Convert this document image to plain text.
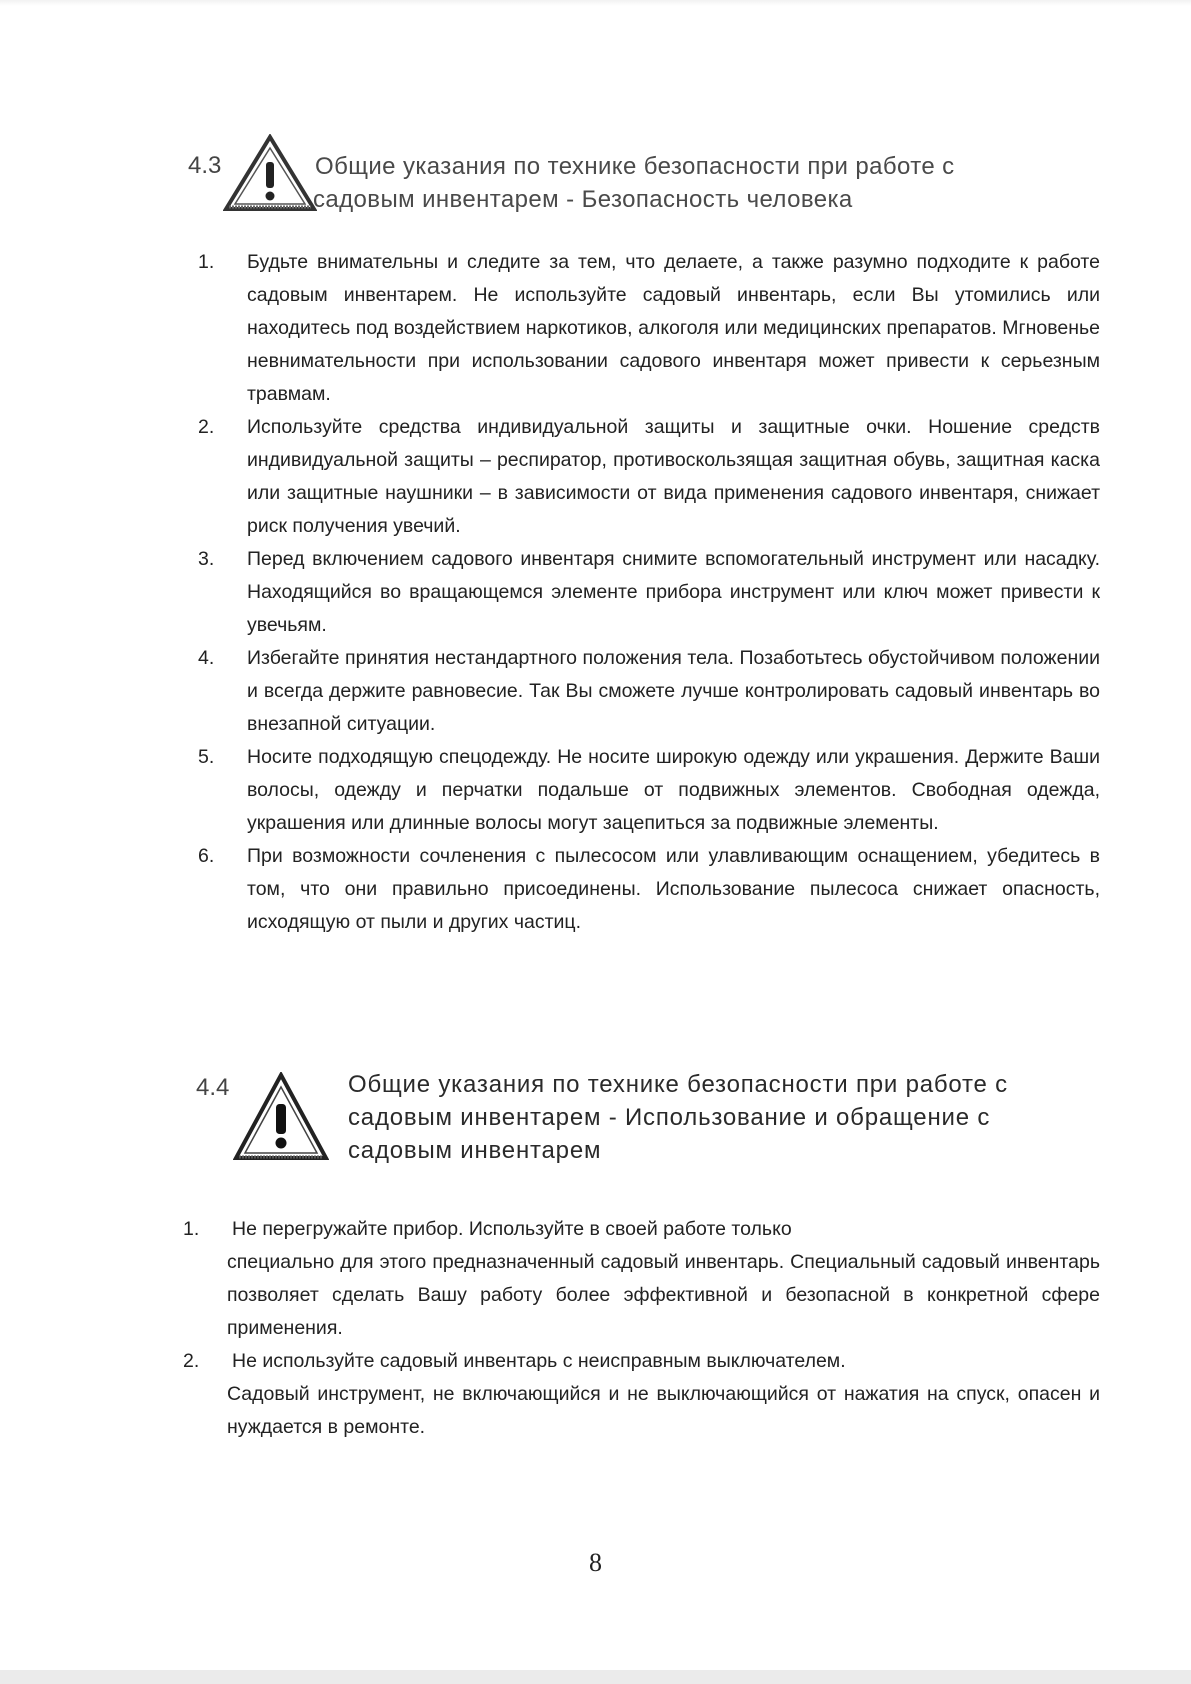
4.3	Общие указания по технике безопасности при работе с
садовым инвентарем - Безопасность человека
1. Будьте внимательны и следите за тем, что делаете, а также разумно подходите к работе садовым инвентарем. Не используйте садовый инвентарь, если Вы утомились или находитесь под воздействием наркотиков, алкоголя или медицинских препаратов. Мгновенье невнимательности при использовании садового инвентаря может привести к серьезным травмам.
2. Используйте средства индивидуальной защиты и защитные очки. Ношение средств индивидуальной защиты – респиратор, противоскользящая защитная обувь, защитная каска или защитные наушники – в зависимости от вида применения садового инвентаря, снижает риск получения увечий.
3. Перед включением садового инвентаря снимите вспомогательный инструмент или насадку. Находящийся во вращающемся элементе прибора инструмент или ключ может привести к увечьям.
4. Избегайте принятия нестандартного положения тела. Позаботьтесь обустойчивом положении и всегда держите равновесие. Так Вы сможете лучше контролировать садовый инвентарь во внезапной ситуации.
5. Носите подходящую спецодежду. Не носите широкую одежду или украшения. Держите Ваши волосы, одежду и перчатки подальше от подвижных элементов. Свободная одежда, украшения или длинные волосы могут зацепиться за подвижные элементы.
6. При возможности сочленения с пылесосом или улавливающим оснащением, убедитесь в том, что они правильно присоединены. Использование пылесоса снижает опасность, исходящую от пыли и других частиц.
4.4	Общие указания по технике безопасности при работе с
садовым инвентарем - Использование и обращение с
садовым инвентарем
1. Не перегружайте прибор. Используйте в своей работе только
специально для этого предназначенный садовый инвентарь. Специальный садовый инвентарь позволяет сделать Вашу работу более эффективной и безопасной в конкретной сфере применения.
2. Не используйте садовый инвентарь с неисправным выключателем.
Садовый инструмент, не включающийся и не выключающийся от нажатия на спуск, опасен и нуждается в ремонте.
8
